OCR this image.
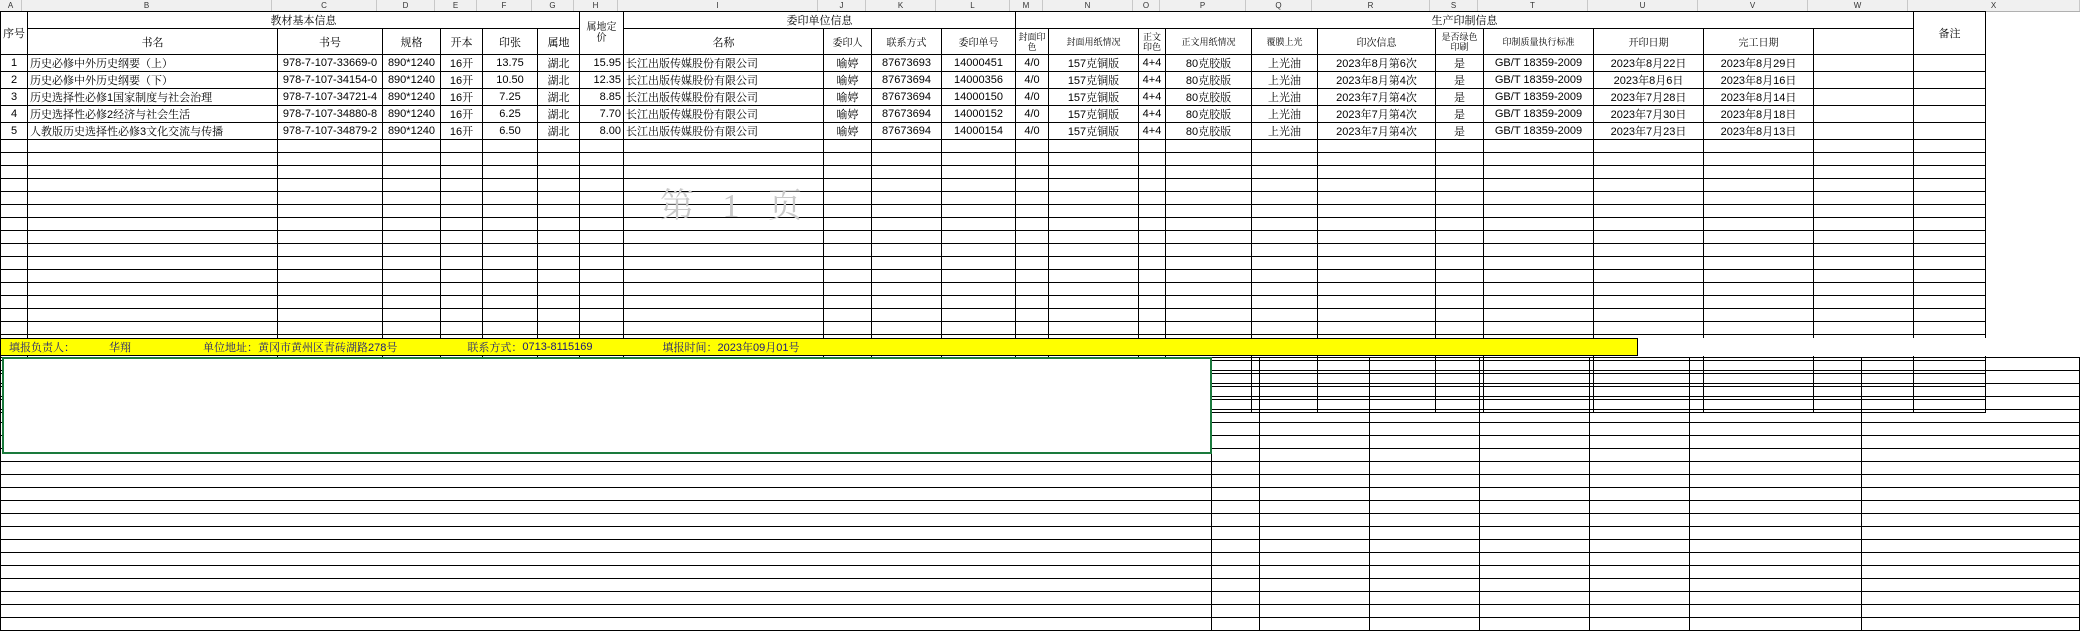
A	B	C	D	E	F	G	H	I	J	K	L	M	N	O	P	Q	R	S	T	U	V	W	X
序号	教材基本信息						属地定价	委印单位信息				生产印制信息											备注
	书名	书号	规格	开本	印张	属地		名称	委印人	联系方式	委印单号	封面印色	封面用纸情况	正文印色	正文用纸情况	覆膜上光	印次信息	是否绿色印刷	印制质量执行标准	开印日期	完工日期		
1	历史必修中外历史纲要（上）	978-7-107-33669-0	890*1240	16开	13.75	湖北	15.95	长江出版传媒股份有限公司	喻婷	87673693	14000451	4/0	157克铜版	4+4	80克胶版	上光油	2023年8月第6次	是	GB/T 18359-2009	2023年8月22日	2023年8月29日		
2	历史必修中外历史纲要（下）	978-7-107-34154-0	890*1240	16开	10.50	湖北	12.35	长江出版传媒股份有限公司	喻婷	87673694	14000356	4/0	157克铜版	4+4	80克胶版	上光油	2023年8月第4次	是	GB/T 18359-2009	2023年8月6日	2023年8月16日		
3	历史选择性必修1国家制度与社会治理	978-7-107-34721-4	890*1240	16开	7.25	湖北	8.85	长江出版传媒股份有限公司	喻婷	87673694	14000150	4/0	157克铜版	4+4	80克胶版	上光油	2023年7月第4次	是	GB/T 18359-2009	2023年7月28日	2023年8月14日		
4	历史选择性必修2经济与社会生活	978-7-107-34880-8	890*1240	16开	6.25	湖北	7.70	长江出版传媒股份有限公司	喻婷	87673694	14000152	4/0	157克铜版	4+4	80克胶版	上光油	2023年7月第4次	是	GB/T 18359-2009	2023年7月30日	2023年8月18日		
5	人教版历史选择性必修3文化交流与传播	978-7-107-34879-2	890*1240	16开	6.50	湖北	8.00	长江出版传媒股份有限公司	喻婷	87673694	14000154	4/0	157克铜版	4+4	80克胶版	上光油	2023年7月第4次	是	GB/T 18359-2009	2023年7月23日	2023年8月13日		

第 1 页
填报负责人：	华翔	单位地址： 黄冈市黄州区青砖湖路278号	联系方式： 0713-8115169	填报时间： 2023年09月01号
